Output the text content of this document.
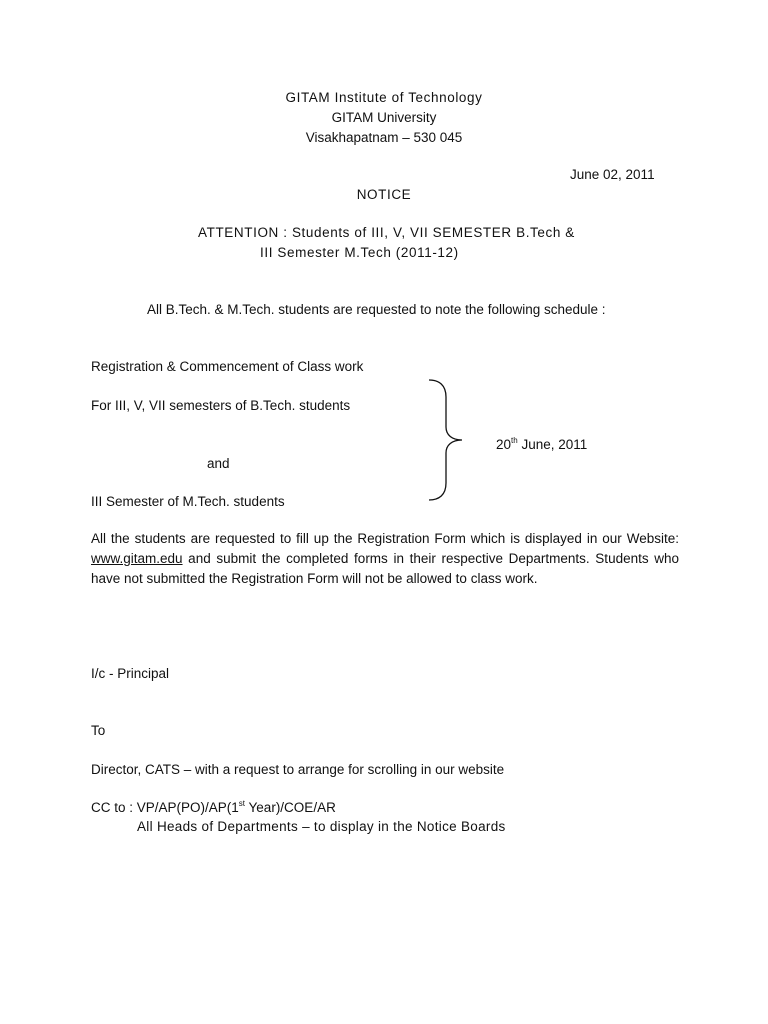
GITAM Institute of Technology
GITAM University
Visakhapatnam – 530 045
June 02, 2011
NOTICE
ATTENTION : Students of III, V, VII SEMESTER B.Tech &
III Semester M.Tech (2011-12)
All B.Tech. & M.Tech. students are requested to note the following schedule :
Registration & Commencement of Class work
For III, V, VII semesters of B.Tech. students
and
III Semester of M.Tech. students
20th June, 2011
All the students are requested to fill up the Registration Form which is displayed in our Website: www.gitam.edu and submit the completed forms in their respective Departments. Students who have not submitted the Registration Form will not be allowed to class work.
I/c - Principal
To
Director, CATS – with a request to arrange for scrolling in our website
CC to : VP/AP(PO)/AP(1st Year)/COE/AR
All Heads of Departments – to display in the Notice Boards
